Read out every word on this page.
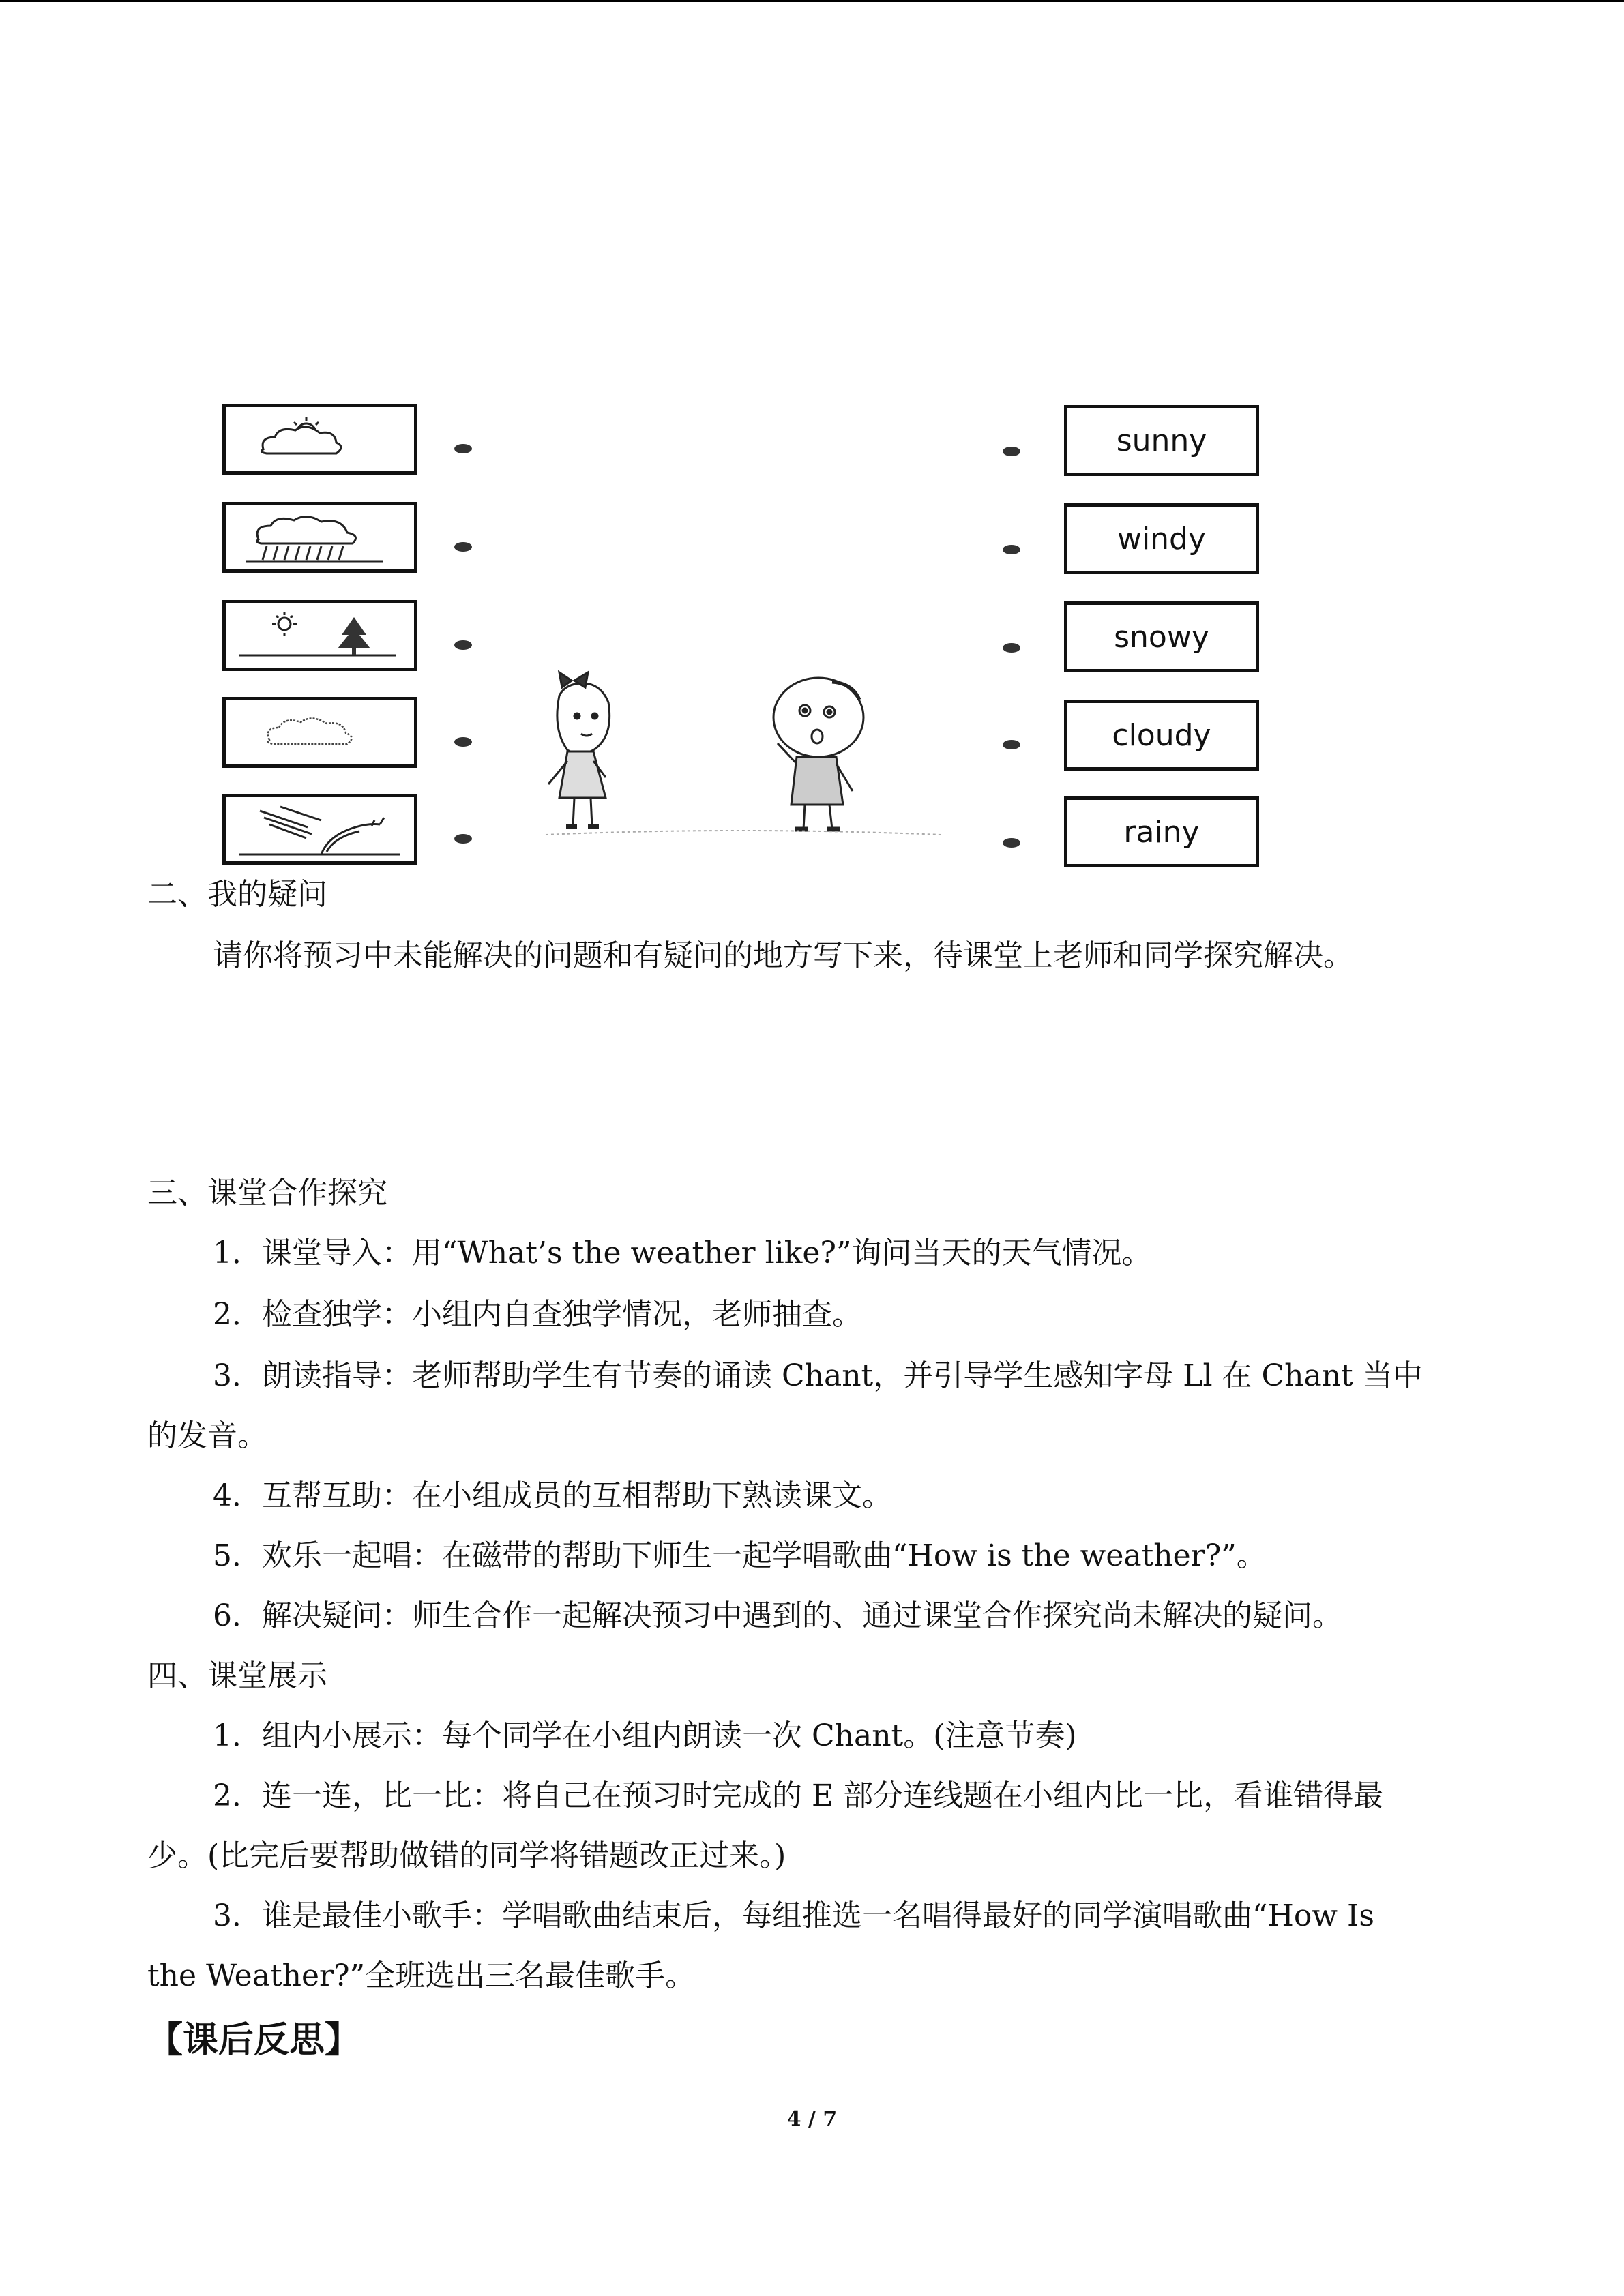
sunny
windy
snowy
cloudy
rainy
二、我的疑问
请你将预习中未能解决的问题和有疑问的地方写下来，待课堂上老师和同学探究解决。
三、课堂合作探究
1．课堂导入：用“What’s the weather like?”询问当天的天气情况。
2．检查独学：小组内自查独学情况，老师抽查。
3．朗读指导：老师帮助学生有节奏的诵读 Chant，并引导学生感知字母 Ll 在 Chant 当中
的发音。
4．互帮互助：在小组成员的互相帮助下熟读课文。
5．欢乐一起唱：在磁带的帮助下师生一起学唱歌曲“How is the weather?”。
6．解决疑问：师生合作一起解决预习中遇到的、通过课堂合作探究尚未解决的疑问。
四、课堂展示
1．组内小展示：每个同学在小组内朗读一次 Chant。(注意节奏)
2．连一连，比一比：将自己在预习时完成的 E 部分连线题在小组内比一比，看谁错得最
少。(比完后要帮助做错的同学将错题改正过来。)
3．谁是最佳小歌手：学唱歌曲结束后，每组推选一名唱得最好的同学演唱歌曲“How Is
the Weather?”全班选出三名最佳歌手。
【课后反思】
4 / 7
